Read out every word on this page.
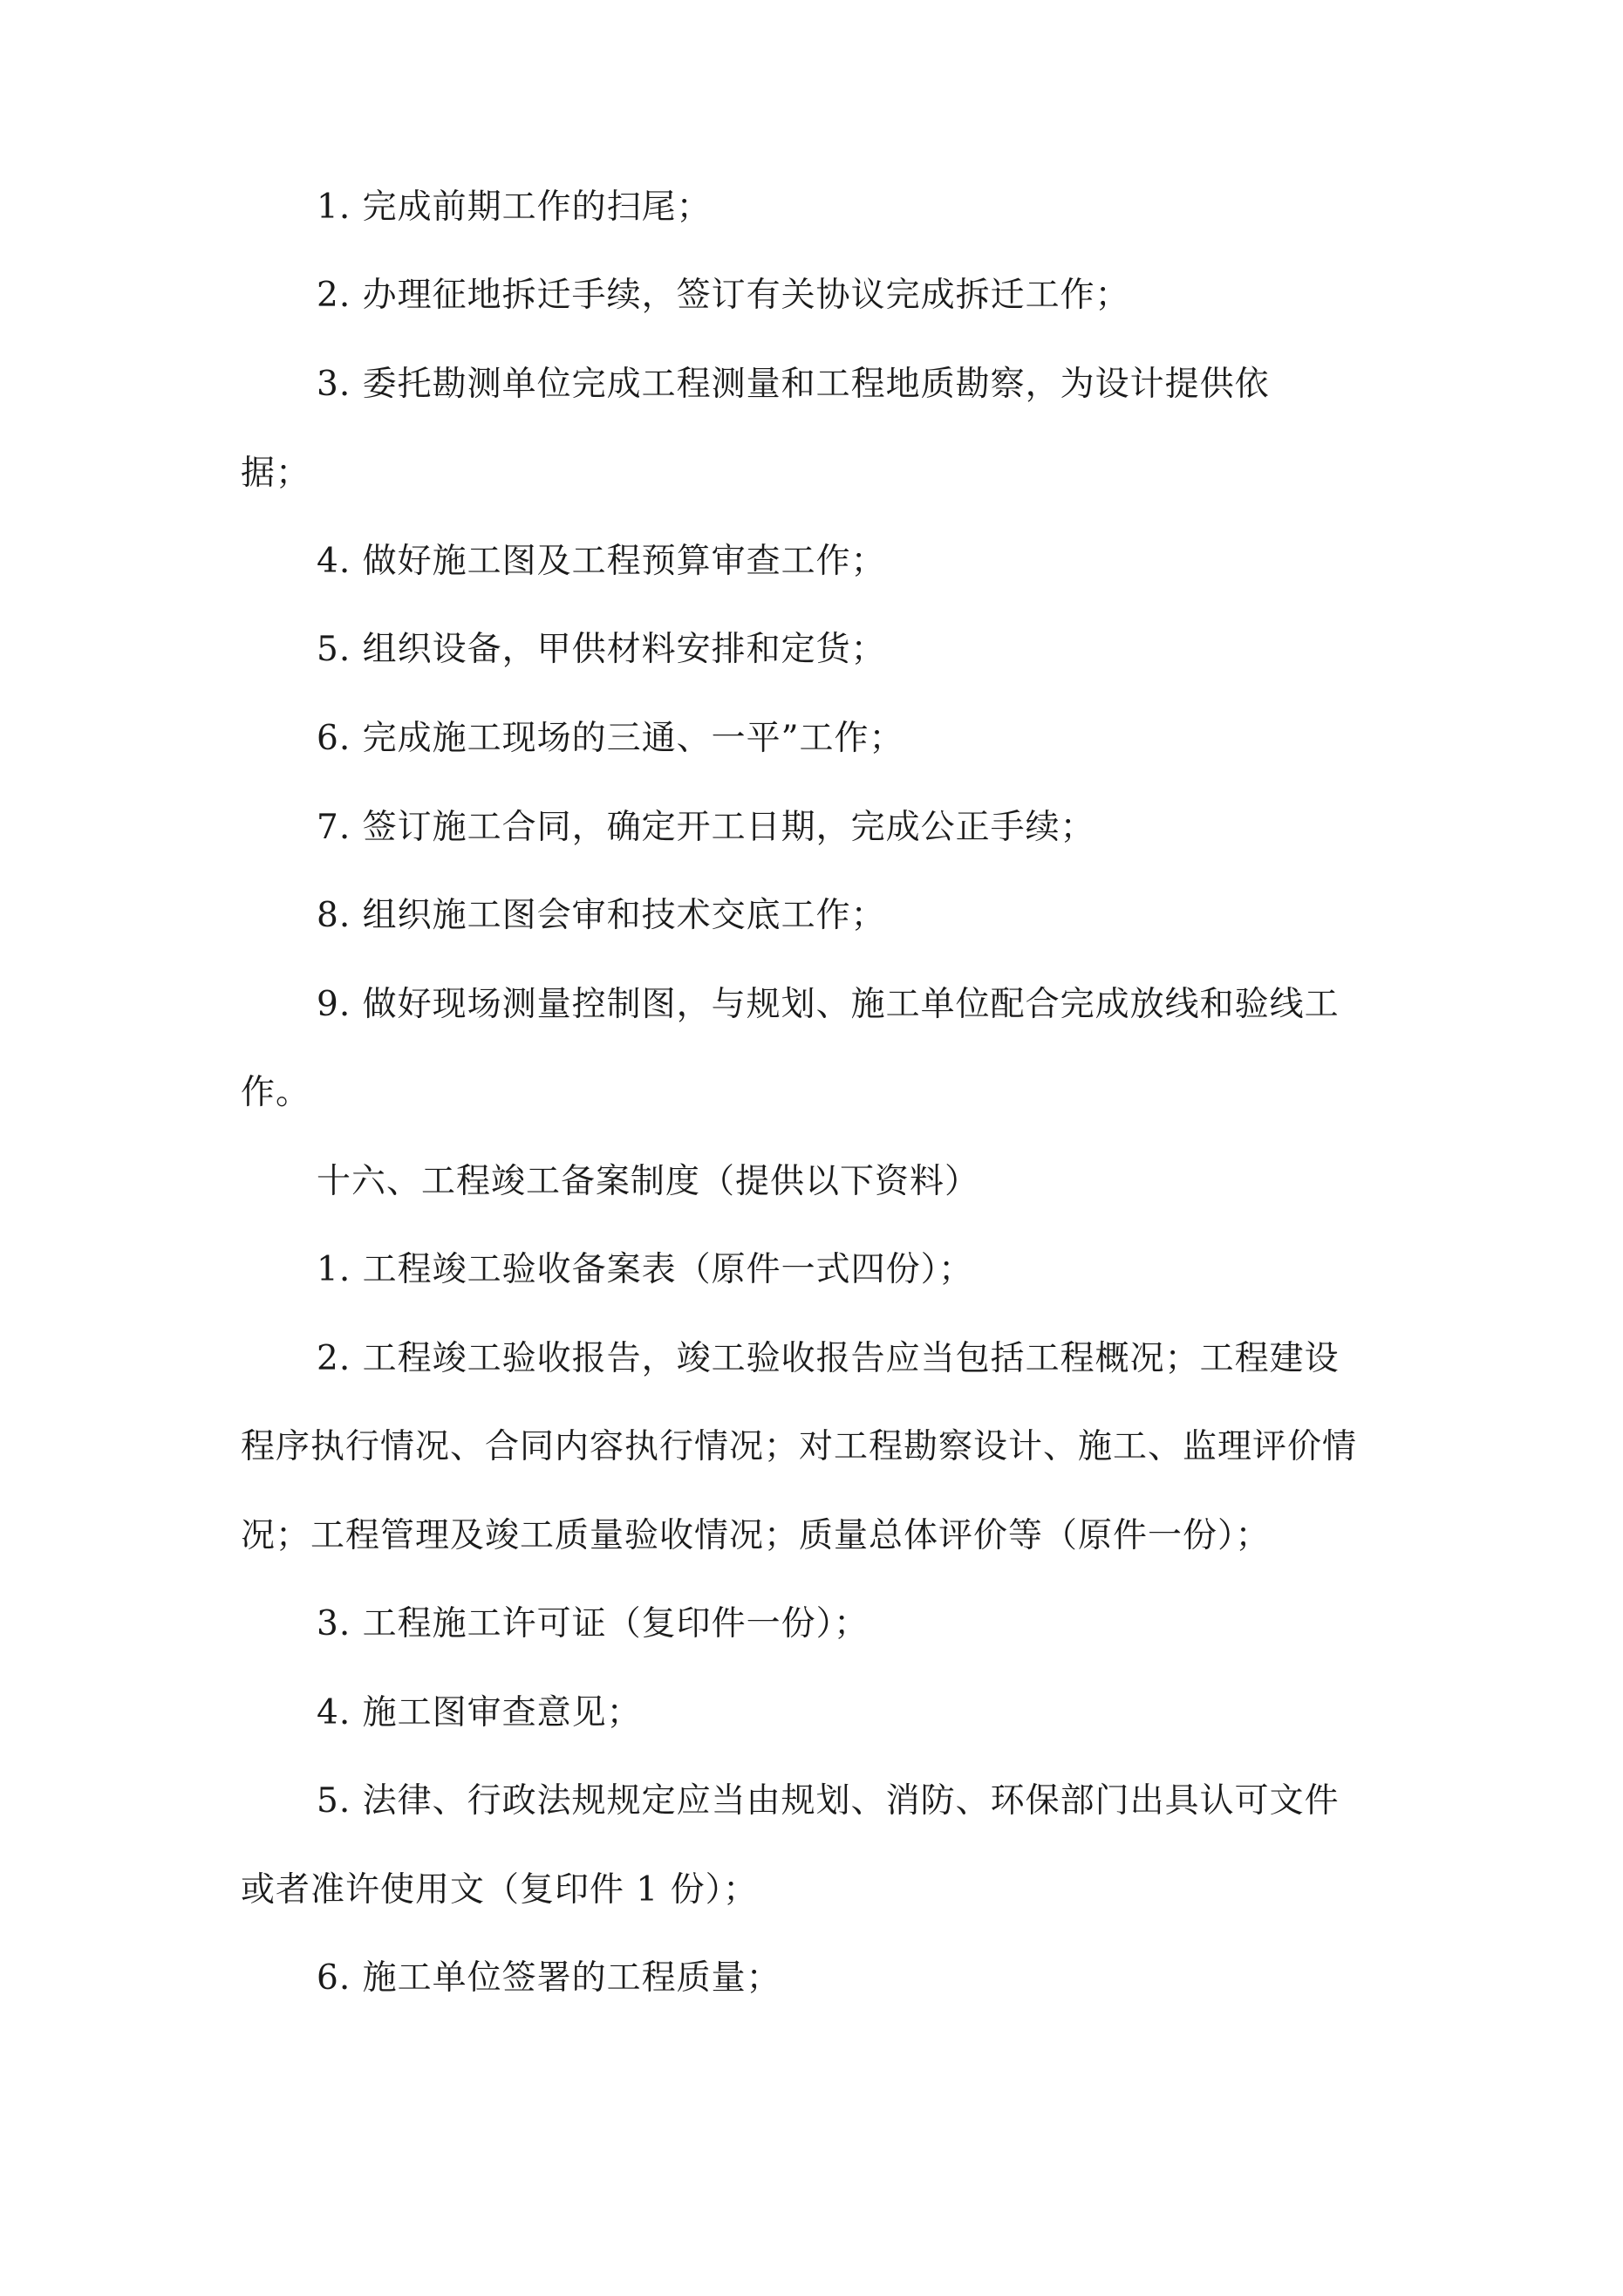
1. 完成前期工作的扫尾；
2. 办理征地拆迁手续，签订有关协议完成拆迁工作；
3. 委托勘测单位完成工程测量和工程地质勘察，为设计提供依
据；
4. 做好施工图及工程预算审查工作；
5. 组织设备，甲供材料安排和定货；
6. 完成施工现场的三通、一平”工作；
7. 签订施工合同，确定开工日期，完成公正手续；
8. 组织施工图会审和技术交底工作；
9. 做好现场测量控制图，与规划、施工单位配合完成放线和验线工
作。
十六、工程竣工备案制度（提供以下资料）
1. 工程竣工验收备案表（原件一式四份）；
2. 工程竣工验收报告，竣工验收报告应当包括工程概况；工程建设
程序执行情况、合同内容执行情况；对工程勘察设计、施工、监理评价情
况；工程管理及竣工质量验收情况；质量总体评价等（原件一份）；
3. 工程施工许可证（复印件一份）；
4. 施工图审查意见；
5. 法律、行政法规规定应当由规划、消防、环保部门出具认可文件
或者准许使用文（复印件 1 份）；
6. 施工单位签署的工程质量；
